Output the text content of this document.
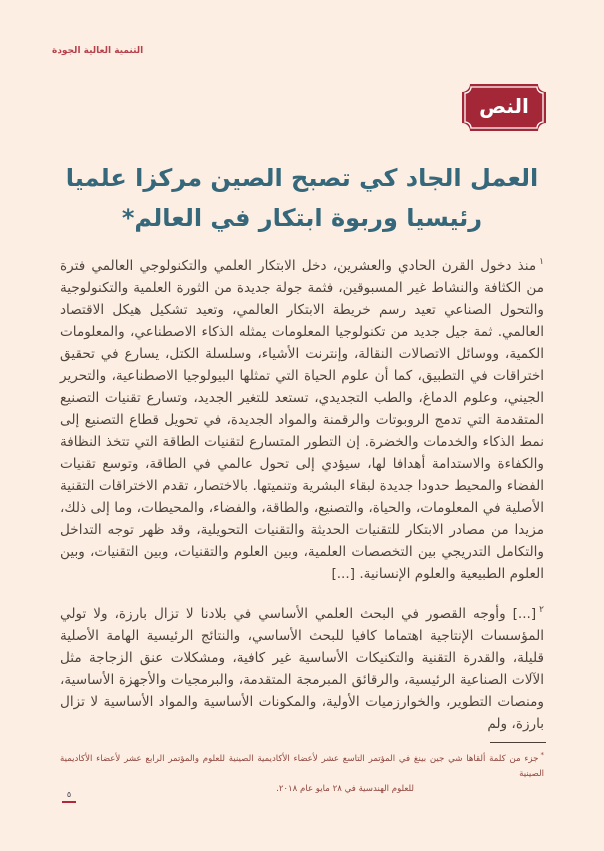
التنمية العالية الجودة
النص
العمل الجاد كي تصبح الصين مركزا علميا
رئيسيا وربوة ابتكار في العالم*

$^١$منذ دخول القرن الحادي والعشرين، دخل الابتكار العلمي والتكنولوجي العالمي فترة من الكثافة والنشاط غير المسبوقين، فثمة جولة جديدة من الثورة العلمية والتكنولوجية والتحول الصناعي تعيد رسم خريطة الابتكار العالمي، وتعيد تشكيل هيكل الاقتصاد العالمي. ثمة جيل جديد من تكنولوجيا المعلومات يمثله الذكاء الاصطناعي، والمعلومات الكمية، ووسائل الاتصالات النقالة، وإنترنت الأشياء، وسلسلة الكتل، يسارع في تحقيق اختراقات في التطبيق، كما أن علوم الحياة التي تمثلها البيولوجيا الاصطناعية، والتحرير الجيني، وعلوم الدماغ، والطب التجديدي، تستعد للتغير الجديد، وتسارع تقنيات التصنيع المتقدمة التي تدمج الروبوتات والرقمنة والمواد الجديدة، في تحويل قطاع التصنيع إلى نمط الذكاء والخدمات والخضرة. إن التطور المتسارع لتقنيات الطاقة التي تتخذ النظافة والكفاءة والاستدامة أهدافا لها، سيؤدي إلى تحول عالمي في الطاقة، وتوسع تقنيات الفضاء والمحيط حدودا جديدة لبقاء البشرية وتنميتها. بالاختصار، تقدم الاختراقات التقنية الأصلية في المعلومات، والحياة، والتصنيع، والطاقة، والفضاء، والمحيطات، وما إلى ذلك، مزيدا من مصادر الابتكار للتقنيات الحديثة والتقنيات التحويلية، وقد ظهر توجه التداخل والتكامل التدريجي بين التخصصات العلمية، وبين العلوم والتقنيات، وبين التقنيات، وبين العلوم الطبيعية والعلوم الإنسانية. [...]

$^٢$[...] وأوجه القصور في البحث العلمي الأساسي في بلادنا لا تزال بارزة، ولا تولي المؤسسات الإنتاجية اهتماما كافيا للبحث الأساسي، والنتائج الرئيسية الهامة الأصلية قليلة، والقدرة التقنية والتكنيكات الأساسية غير كافية، ومشكلات عنق الزجاجة مثل الآلات الصناعية الرئيسية، والرقائق المبرمجة المتقدمة، والبرمجيات والأجهزة الأساسية، ومنصات التطوير، والخوارزميات الأولية، والمكونات الأساسية والمواد الأساسية لا تزال بارزة، ولم

*جزء من كلمة ألقاها شي جين بينغ في المؤتمر التاسع عشر لأعضاء الأكاديمية الصينية للعلوم والمؤتمر الرابع عشر لأعضاء الأكاديمية الصينية
للعلوم الهندسية في ٢٨ مايو عام ٢٠١٨.
٥
